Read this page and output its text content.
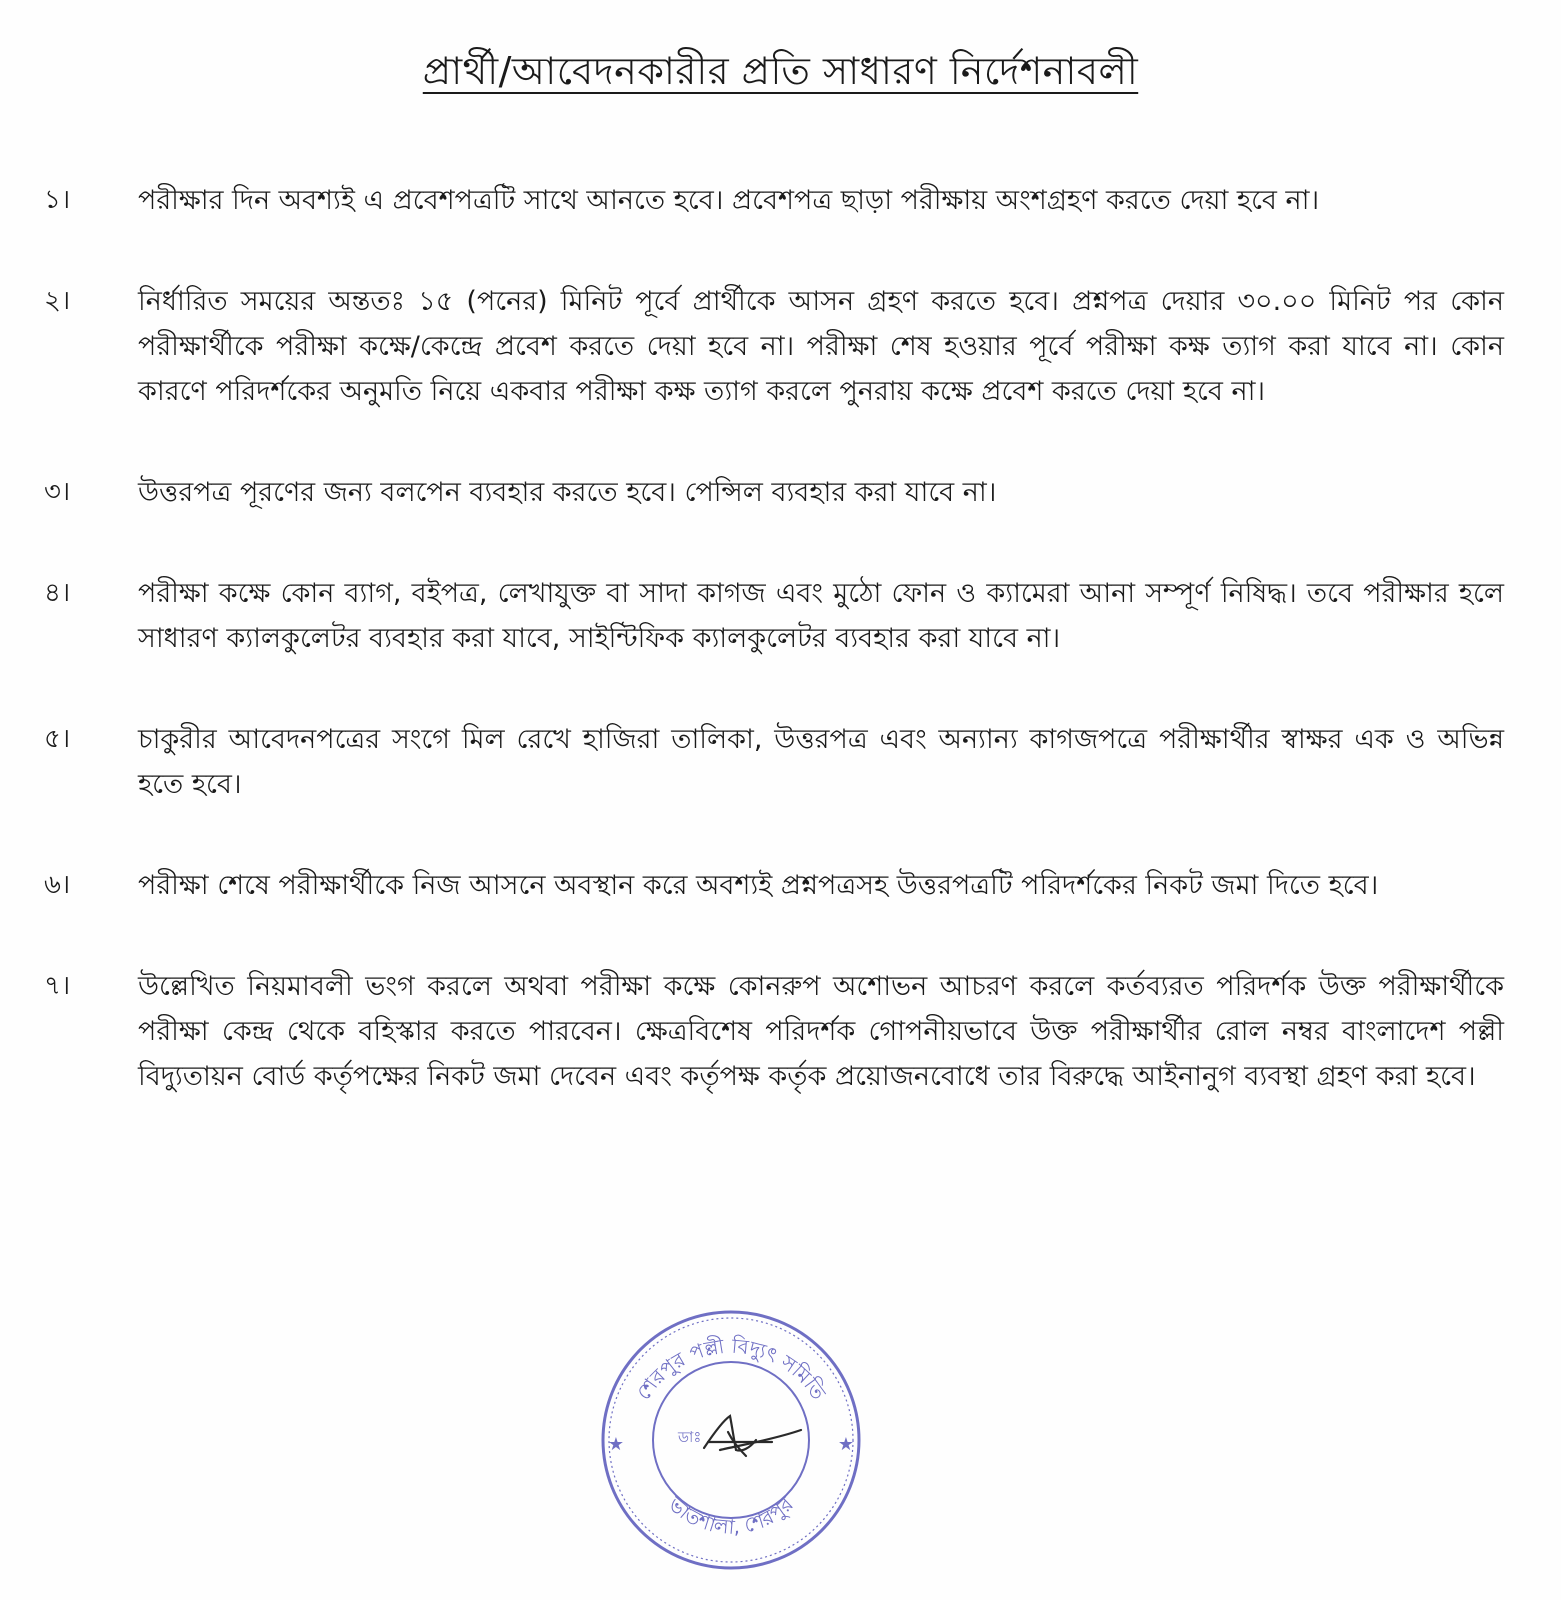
প্রার্থী/আবেদনকারীর প্রতি সাধারণ নির্দেশনাবলী
১।	পরীক্ষার দিন অবশ্যই এ প্রবেশপত্রটি সাথে আনতে হবে। প্রবেশপত্র ছাড়া পরীক্ষায় অংশগ্রহণ করতে দেয়া হবে না।
২।	নির্ধারিত সময়ের অন্ততঃ ১৫ (পনের) মিনিট পূর্বে প্রার্থীকে আসন গ্রহণ করতে হবে। প্রশ্নপত্র দেয়ার ৩০.০০ মিনিট পর কোন পরীক্ষার্থীকে পরীক্ষা কক্ষে/কেন্দ্রে প্রবেশ করতে দেয়া হবে না। পরীক্ষা শেষ হওয়ার পূর্বে পরীক্ষা কক্ষ ত্যাগ করা যাবে না। কোন কারণে পরিদর্শকের অনুমতি নিয়ে একবার পরীক্ষা কক্ষ ত্যাগ করলে পুনরায় কক্ষে প্রবেশ করতে দেয়া হবে না।
৩।	উত্তরপত্র পূরণের জন্য বলপেন ব্যবহার করতে হবে। পেন্সিল ব্যবহার করা যাবে না।
৪।	পরীক্ষা কক্ষে কোন ব্যাগ, বইপত্র, লেখাযুক্ত বা সাদা কাগজ এবং মুঠো ফোন ও ক্যামেরা আনা সম্পূর্ণ নিষিদ্ধ। তবে পরীক্ষার হলে সাধারণ ক্যালকুলেটর ব্যবহার করা যাবে, সাইন্টিফিক ক্যালকুলেটর ব্যবহার করা যাবে না।
৫।	চাকুরীর আবেদনপত্রের সংগে মিল রেখে হাজিরা তালিকা, উত্তরপত্র এবং অন্যান্য কাগজপত্রে পরীক্ষার্থীর স্বাক্ষর এক ও অভিন্ন হতে হবে।
৬।	পরীক্ষা শেষে পরীক্ষার্থীকে নিজ আসনে অবস্থান করে অবশ্যই প্রশ্নপত্রসহ উত্তরপত্রটি পরিদর্শকের নিকট জমা দিতে হবে।
৭।	উল্লেখিত নিয়মাবলী ভংগ করলে অথবা পরীক্ষা কক্ষে কোনরুপ অশোভন আচরণ করলে কর্তব্যরত পরিদর্শক উক্ত পরীক্ষার্থীকে পরীক্ষা কেন্দ্র থেকে বহিস্কার করতে পারবেন। ক্ষেত্রবিশেষ পরিদর্শক গোপনীয়ভাবে উক্ত পরীক্ষার্থীর রোল নম্বর বাংলাদেশ পল্লী বিদ্যুতায়ন বোর্ড কর্তৃপক্ষের নিকট জমা দেবেন এবং কর্তৃপক্ষ কর্তৃক প্রয়োজনবোধে তার বিরুদ্ধে আইনানুগ ব্যবস্থা গ্রহণ করা হবে।
শেরপুর পল্লী বিদ্যুৎ সমিতি
ভাতশালা, শেরপুর
★	★
ডাঃ
